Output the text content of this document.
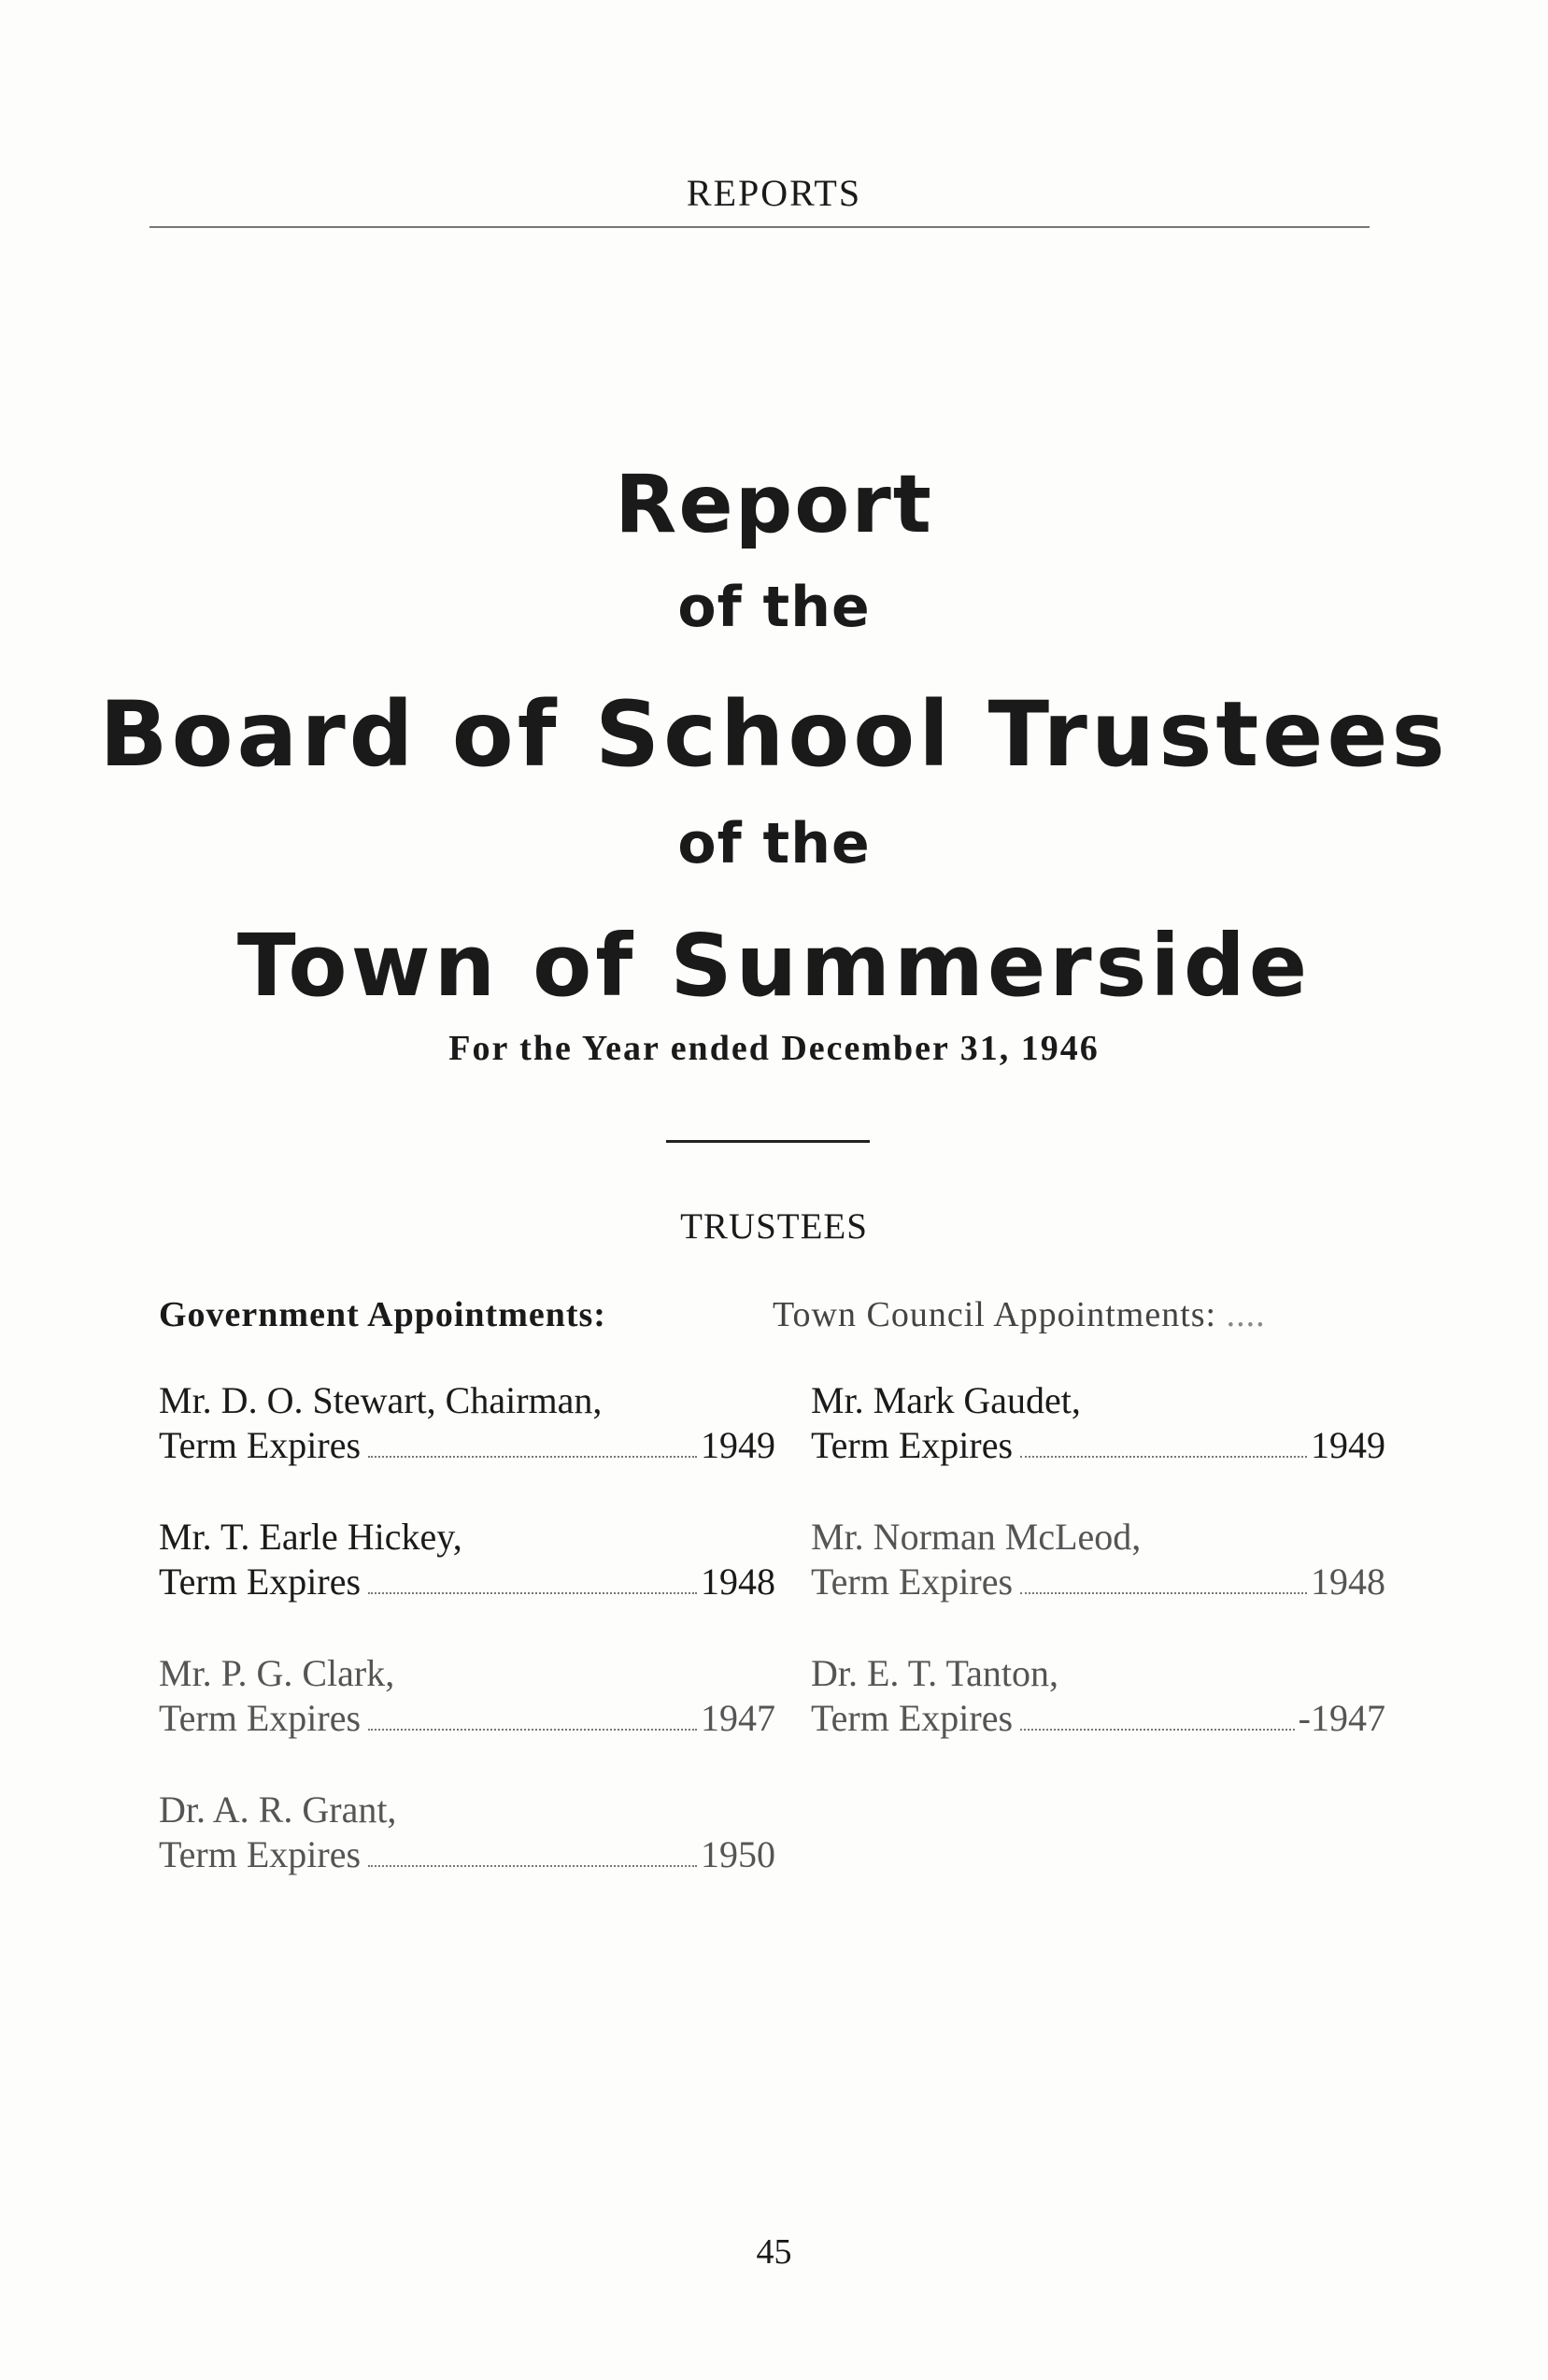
REPORTS
Report
of the
Board of School Trustees
of the
Town of Summerside
For the Year ended December 31, 1946
TRUSTEES
Government Appointments:	Town Council Appointments: ....
Mr. D. O. Stewart, Chairman,
Term Expires	1949
Mr. T. Earle Hickey,
Term Expires	1948
Mr. P. G. Clark,
Term Expires	1947
Dr. A. R. Grant,
Term Expires	1950
Mr. Mark Gaudet,
Term Expires	1949
Mr. Norman McLeod,
Term Expires	1948
Dr. E. T. Tanton,
Term Expires	-1947
45
